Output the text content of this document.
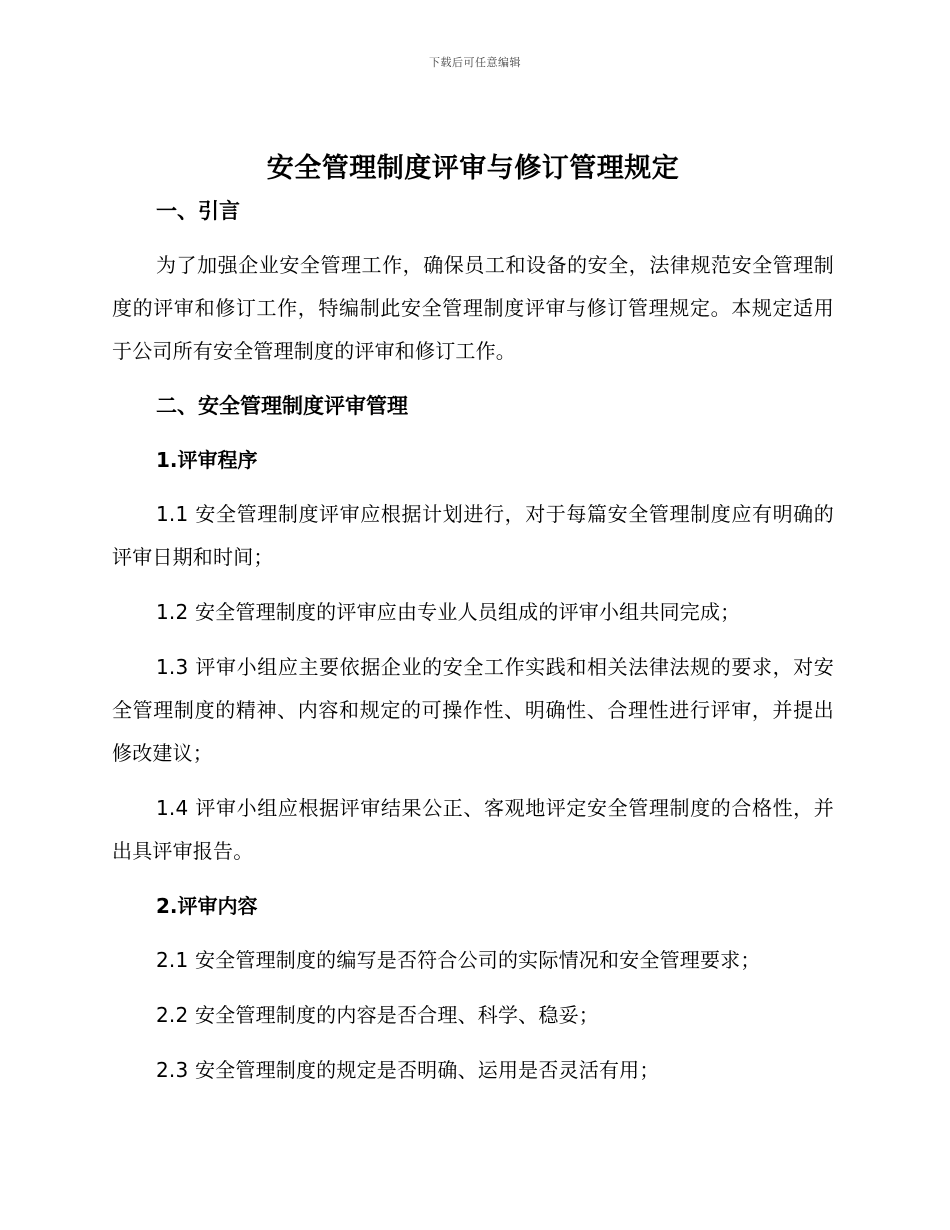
下载后可任意编辑
安全管理制度评审与修订管理规定
一、引言

为了加强企业安全管理工作，确保员工和设备的安全，法律规范安全管理制度的评审和修订工作，特编制此安全管理制度评审与修订管理规定。本规定适用于公司所有安全管理制度的评审和修订工作。

二、安全管理制度评审管理
1.评审程序

1.1 安全管理制度评审应根据计划进行，对于每篇安全管理制度应有明确的评审日期和时间；

1.2 安全管理制度的评审应由专业人员组成的评审小组共同完成；

1.3 评审小组应主要依据企业的安全工作实践和相关法律法规的要求，对安全管理制度的精神、内容和规定的可操作性、明确性、合理性进行评审，并提出修改建议；

1.4 评审小组应根据评审结果公正、客观地评定安全管理制度的合格性，并出具评审报告。

2.评审内容

2.1 安全管理制度的编写是否符合公司的实际情况和安全管理要求；

2.2 安全管理制度的内容是否合理、科学、稳妥；

2.3 安全管理制度的规定是否明确、运用是否灵活有用；
